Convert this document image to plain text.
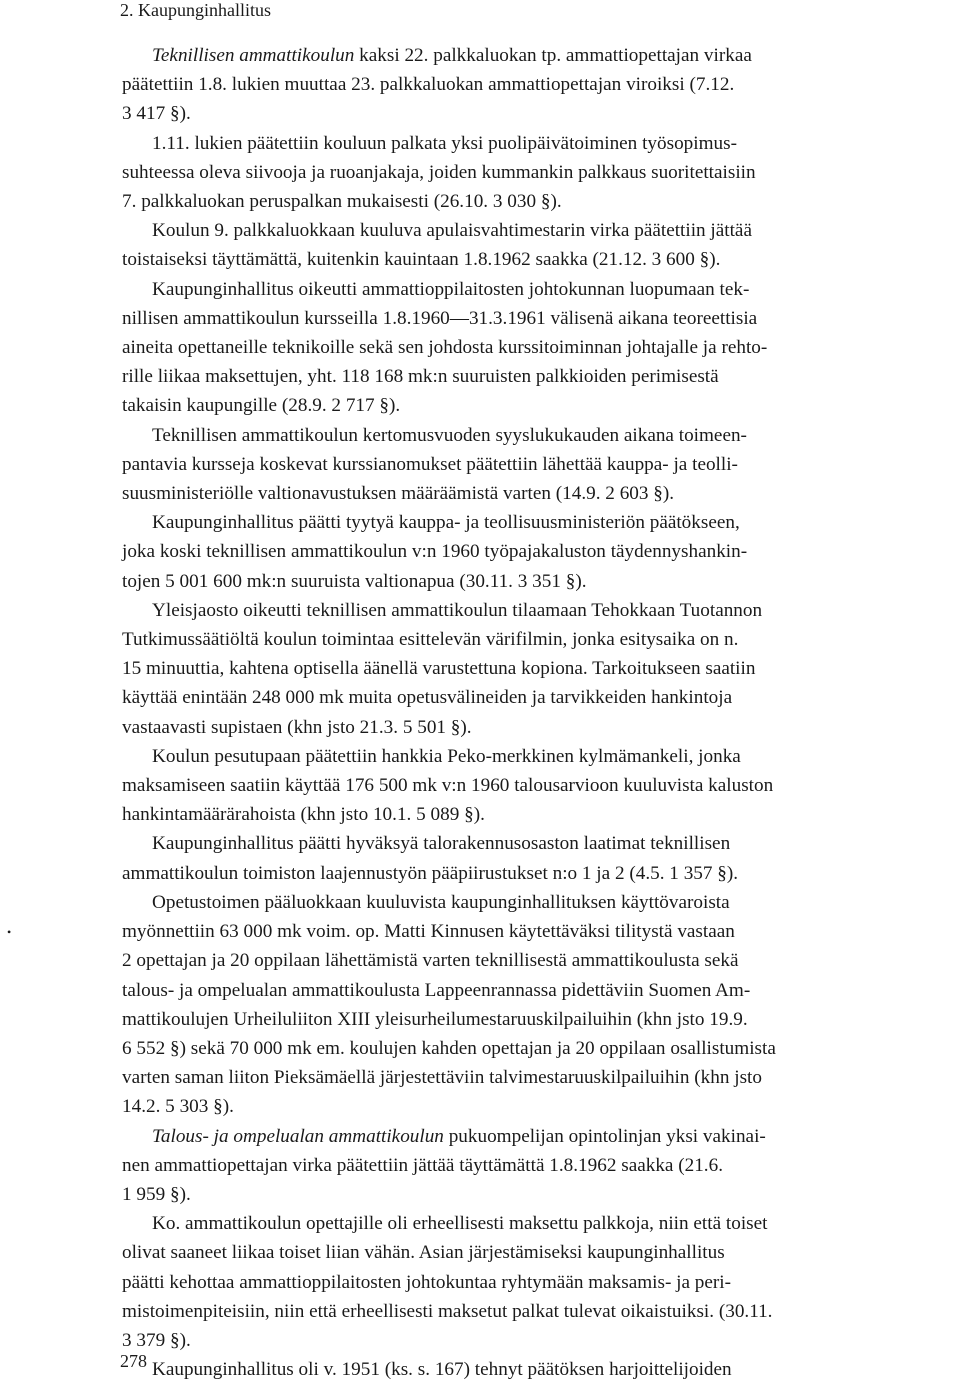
2. Kaupunginhallitus

Teknillisen ammattikoulun kaksi 22. palkkaluokan tp. ammattiopettajan virkaa
päätettiin 1.8. lukien muuttaa 23. palkkaluokan ammattiopettajan viroiksi (7.12.
3 417 §).

1.11. lukien päätettiin kouluun palkata yksi puolipäivätoiminen työsopimus-
suhteessa oleva siivooja ja ruoanjakaja, joiden kummankin palkkaus suoritettaisiin
7. palkkaluokan peruspalkan mukaisesti (26.10. 3 030 §).

Koulun 9. palkkaluokkaan kuuluva apulaisvahtimestarin virka päätettiin jättää
toistaiseksi täyttämättä, kuitenkin kauintaan 1.8.1962 saakka (21.12. 3 600 §).

Kaupunginhallitus oikeutti ammattioppilaitosten johtokunnan luopumaan tek-
nillisen ammattikoulun kursseilla 1.8.1960—31.3.1961 välisenä aikana teoreettisia
aineita opettaneille teknikoille sekä sen johdosta kurssitoiminnan johtajalle ja rehto-
rille liikaa maksettujen, yht. 118 168 mk:n suuruisten palkkioiden perimisestä
takaisin kaupungille (28.9. 2 717 §).

Teknillisen ammattikoulun kertomusvuoden syyslukukauden aikana toimeen-
pantavia kursseja koskevat kurssianomukset päätettiin lähettää kauppa- ja teolli-
suusministeriölle valtionavustuksen määräämistä varten (14.9. 2 603 §).

Kaupunginhallitus päätti tyytyä kauppa- ja teollisuusministeriön päätökseen,
joka koski teknillisen ammattikoulun v:n 1960 työpajakaluston täydennyshankin-
tojen 5 001 600 mk:n suuruista valtionapua (30.11. 3 351 §).

Yleisjaosto oikeutti teknillisen ammattikoulun tilaamaan Tehokkaan Tuotannon
Tutkimussäätiöltä koulun toimintaa esittelevän värifilmin, jonka esitysaika on n.
15 minuuttia, kahtena optisella äänellä varustettuna kopiona. Tarkoitukseen saatiin
käyttää enintään 248 000 mk muita opetusvälineiden ja tarvikkeiden hankintoja
vastaavasti supistaen (khn jsto 21.3. 5 501 §).

Koulun pesutupaan päätettiin hankkia Peko-merkkinen kylmämankeli, jonka
maksamiseen saatiin käyttää 176 500 mk v:n 1960 talousarvioon kuuluvista kaluston
hankintamäärärahoista (khn jsto 10.1. 5 089 §).

Kaupunginhallitus päätti hyväksyä talorakennusosaston laatimat teknillisen
ammattikoulun toimiston laajennustyön pääpiirustukset n:o 1 ja 2 (4.5. 1 357 §).

Opetustoimen pääluokkaan kuuluvista kaupunginhallituksen käyttövaroista
myönnettiin 63 000 mk voim. op. Matti Kinnusen käytettäväksi tilitystä vastaan
2 opettajan ja 20 oppilaan lähettämistä varten teknillisestä ammattikoulusta sekä
talous- ja ompelualan ammattikoulusta Lappeenrannassa pidettäviin Suomen Am-
mattikoulujen Urheiluliiton XIII yleisurheilumestaruuskilpailuihin (khn jsto 19.9.
6 552 §) sekä 70 000 mk em. koulujen kahden opettajan ja 20 oppilaan osallistumista
varten saman liiton Pieksämäellä järjestettäviin talvimestaruuskilpailuihin (khn jsto
14.2. 5 303 §).

Talous- ja ompelualan ammattikoulun pukuompelijan opintolinjan yksi vakinai-
nen ammattiopettajan virka päätettiin jättää täyttämättä 1.8.1962 saakka (21.6.
1 959 §).

Ko. ammattikoulun opettajille oli erheellisesti maksettu palkkoja, niin että toiset
olivat saaneet liikaa toiset liian vähän. Asian järjestämiseksi kaupunginhallitus
päätti kehottaa ammattioppilaitosten johtokuntaa ryhtymään maksamis- ja peri-
mistoimenpiteisiin, niin että erheellisesti maksetut palkat tulevat oikaistuiksi. (30.11.
3 379 §).

Kaupunginhallitus oli v. 1951 (ks. s. 167) tehnyt päätöksen harjoittelijoiden

•
278
